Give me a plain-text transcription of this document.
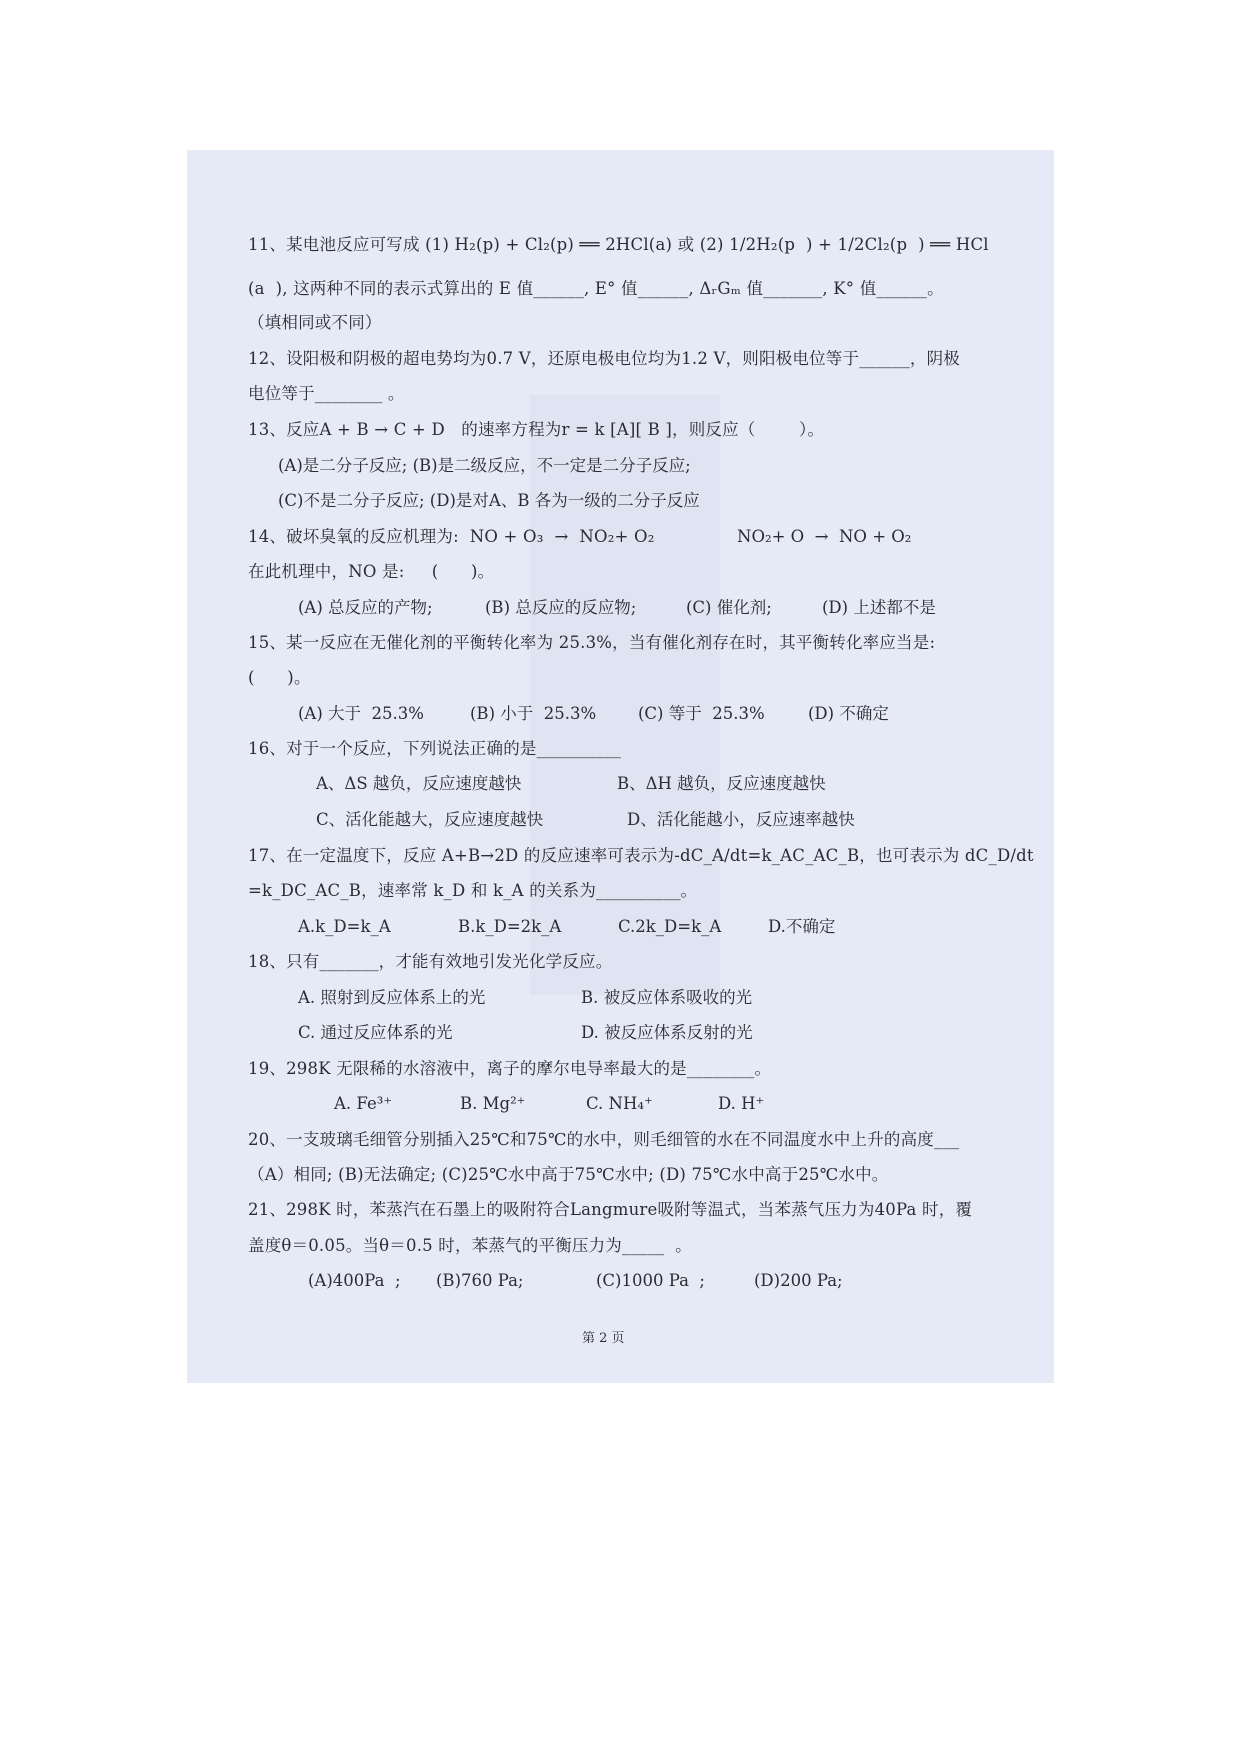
11、某电池反应可写成 (1) H₂(p) + Cl₂(p) ══ 2HCl(a) 或 (2) 1/2H₂(p  ) + 1/2Cl₂(p  ) ══ HCl
(a  ), 这两种不同的表示式算出的 E 值______, E° 值______, ΔᵣGₘ 值_______, K° 值______。
（填相同或不同）
12、设阳极和阴极的超电势均为0.7 V，还原电极电位均为1.2 V，则阳极电位等于______，阴极
电位等于________ 。
13、反应A + B → C + D   的速率方程为r = k [A][ B ]，则反应（        ）。
(A)是二分子反应; (B)是二级反应，不一定是二分子反应;
(C)不是二分子反应; (D)是对A、B 各为一级的二分子反应
14、破坏臭氧的反应机理为:  NO + O₃  →  NO₂+ O₂	NO₂+ O  →  NO + O₂
在此机理中，NO 是:     (      )。
(A) 总反应的产物;	(B) 总反应的反应物;	(C) 催化剂;	(D) 上述都不是
15、某一反应在无催化剂的平衡转化率为 25.3%，当有催化剂存在时，其平衡转化率应当是:
(      )。
(A) 大于  25.3%	(B) 小于  25.3%	(C) 等于  25.3%	(D) 不确定
16、对于一个反应，下列说法正确的是__________
A、ΔS 越负，反应速度越快	B、ΔH 越负，反应速度越快
C、活化能越大，反应速度越快	D、活化能越小，反应速率越快
17、在一定温度下，反应 A+B→2D 的反应速率可表示为-dC_A/dt=k_AC_AC_B，也可表示为 dC_D/dt
=k_DC_AC_B，速率常 k_D 和 k_A 的关系为__________。
A.k_D=k_A	B.k_D=2k_A	C.2k_D=k_A	D.不确定
18、只有_______，才能有效地引发光化学反应。
A. 照射到反应体系上的光	B. 被反应体系吸收的光
C. 通过反应体系的光	D. 被反应体系反射的光
19、298K 无限稀的水溶液中，离子的摩尔电导率最大的是________。
A. Fe³⁺	B. Mg²⁺	C. NH₄⁺	D. H⁺
20、一支玻璃毛细管分别插入25℃和75℃的水中，则毛细管的水在不同温度水中上升的高度___
（A）相同; (B)无法确定; (C)25℃水中高于75℃水中; (D) 75℃水中高于25℃水中。
21、298K 时，苯蒸汽在石墨上的吸附符合Langmure吸附等温式，当苯蒸气压力为40Pa 时，覆
盖度θ＝0.05。当θ＝0.5 时，苯蒸气的平衡压力为_____  。
(A)400Pa  ; (B)760 Pa;	(C)1000 Pa  ;	(D)200 Pa;
第 2 页
